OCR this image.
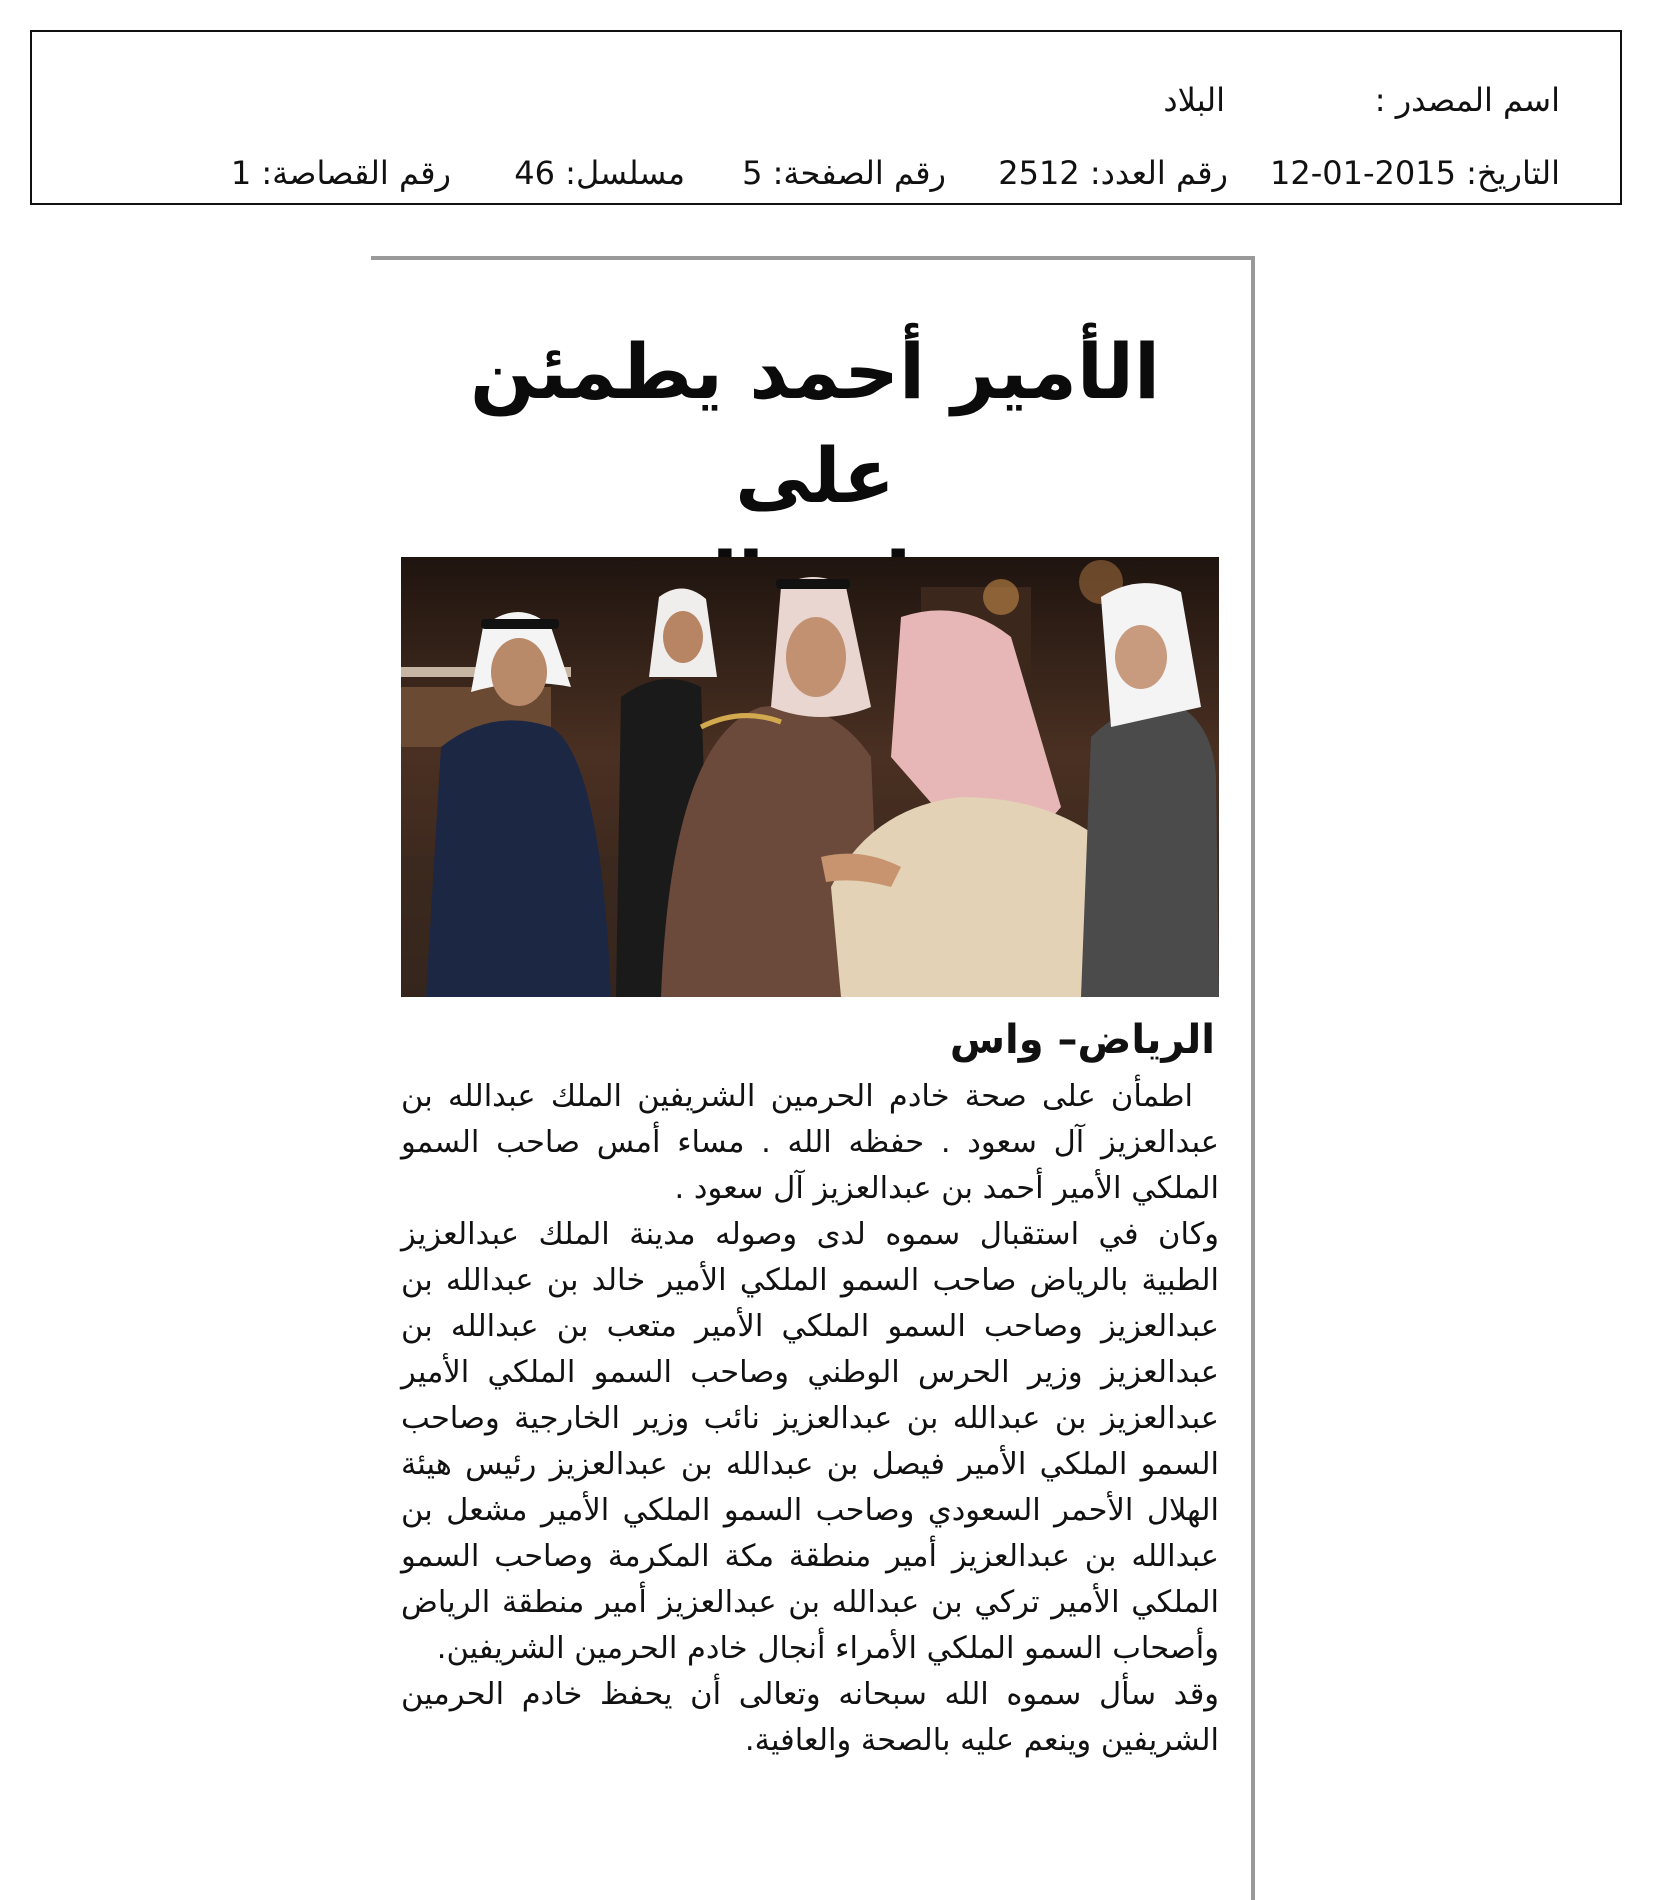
اسم المصدر :
البلاد
التاريخ: 2015-01-12
رقم العدد: 2512
رقم الصفحة: 5
مسلسل: 46
رقم القصاصة: 1
الأمير أحمد يطمئن على
الرياض– واس

اطمأن على صحة خادم الحرمين الشريفين الملك عبدالله بن عبدالعزيز آل سعود . حفظه الله . مساء أمس صاحب السمو الملكي الأمير أحمد بن عبدالعزيز آل سعود .

وكان في استقبال سموه لدى وصوله مدينة الملك عبدالعزيز الطبية بالرياض صاحب السمو الملكي الأمير خالد بن عبدالله بن عبدالعزيز وصاحب السمو الملكي الأمير متعب بن عبدالله بن عبدالعزيز وزير الحرس الوطني وصاحب السمو الملكي الأمير عبدالعزيز بن عبدالله بن عبدالعزيز نائب وزير الخارجية وصاحب السمو الملكي الأمير فيصل بن عبدالله بن عبدالعزيز رئيس هيئة الهلال الأحمر السعودي وصاحب السمو الملكي الأمير مشعل بن عبدالله بن عبدالعزيز أمير منطقة مكة المكرمة وصاحب السمو الملكي الأمير تركي بن عبدالله بن عبدالعزيز أمير منطقة الرياض وأصحاب السمو الملكي الأمراء أنجال خادم الحرمين الشريفين.

وقد سأل سموه الله سبحانه وتعالى أن يحفظ خادم الحرمين الشريفين وينعم عليه بالصحة والعافية.
